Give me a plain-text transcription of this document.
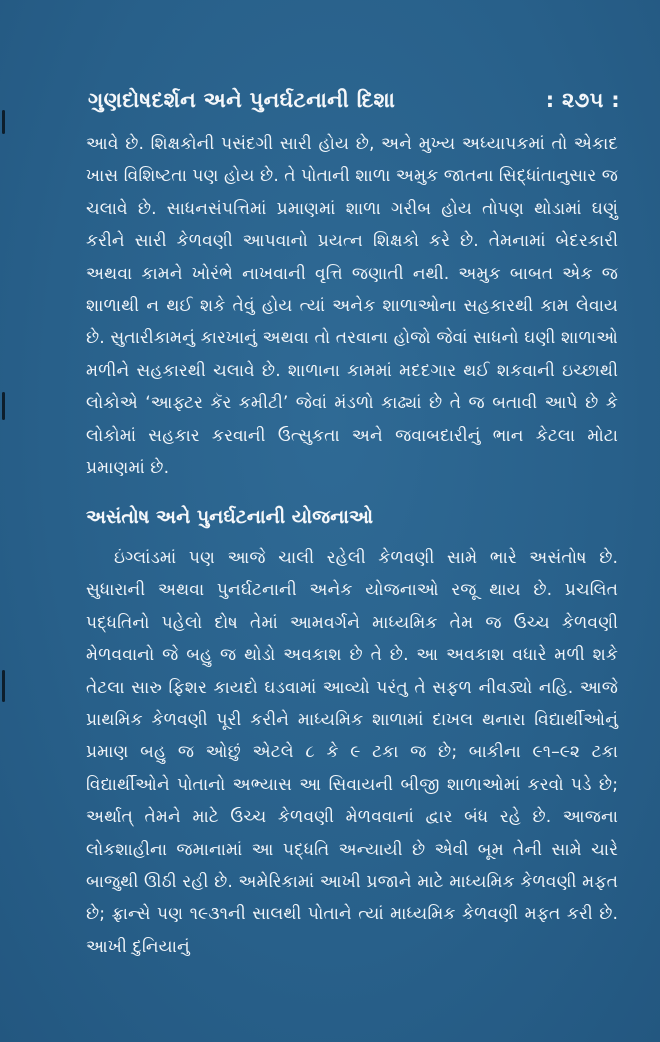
ગુણદોષદર્શન અને પુનર્ઘટનાની દિશા	: ૨૭૫ :
આવે છે. શિક્ષકોની પસંદગી સારી હોય છે, અને મુખ્ય અધ્યાપકમાં તો એકાદ ખાસ વિશિષ્ટતા પણ હોય છે. તે પોતાની શાળા અમુક જાતના સિદ્ધાંતાનુસાર જ ચલાવે છે. સાધનસંપત્તિમાં પ્રમાણમાં શાળા ગરીબ હોય તોપણ થોડામાં ઘણું કરીને સારી કેળવણી આપવાનો પ્રયત્ન શિક્ષકો કરે છે. તેમનામાં બેદરકારી અથવા કામને ખોરંભે નાખવાની વૃત્તિ જણાતી નથી. અમુક બાબત એક જ શાળાથી ન થઈ શકે તેવું હોય ત્યાં અનેક શાળાઓના સહકારથી કામ લેવાય છે. સુતારીકામનું કારખાનું અથવા તો તરવાના હોજો જેવાં સાધનો ઘણી શાળાઓ મળીને સહકારથી ચલાવે છે. શાળાના કામમાં મદદગાર થઈ શકવાની ઇચ્છાથી લોકોએ ‘આફ્ટર કૅર કમીટી’ જેવાં મંડળો કાઢ્યાં છે તે જ બતાવી આપે છે કે લોકોમાં સહકાર કરવાની ઉત્સુકતા અને જવાબદારીનું ભાન કેટલા મોટા પ્રમાણમાં છે.
અસંતોષ અને પુનર્ઘટનાની યોજનાઓ
ઇંગ્લાંડમાં પણ આજે ચાલી રહેલી કેળવણી સામે ભારે અસંતોષ છે. સુધારાની અથવા પુનર્ઘટનાની અનેક યોજનાઓ રજૂ થાય છે. પ્રચલિત પદ્ધતિનો પહેલો દોષ તેમાં આમવર્ગને માધ્યમિક તેમ જ ઉચ્ચ કેળવણી મેળવવાનો જે બહુ જ થોડો અવકાશ છે તે છે. આ અવકાશ વધારે મળી શકે તેટલા સારુ ફિશર કાયદો ઘડવામાં આવ્યો પરંતુ તે સફળ નીવડ્યો નહિ. આજે પ્રાથમિક કેળવણી પૂરી કરીને માધ્યમિક શાળામાં દાખલ થનારા વિદ્યાર્થીઓનું પ્રમાણ બહુ જ ઓછું એટલે ૮ કે ૯ ટકા જ છે; બાકીના ૯૧–૯૨ ટકા વિદ્યાર્થીઓને પોતાનો અભ્યાસ આ સિવાયની બીજી શાળાઓમાં કરવો પડે છે; અર્થાત્ તેમને માટે ઉચ્ચ કેળવણી મેળવવાનાં દ્વાર બંધ રહે છે. આજના લોકશાહીના જમાનામાં આ પદ્ધતિ અન્યાયી છે એવી બૂમ તેની સામે ચારે બાજુથી ઊઠી રહી છે. અમેરિકામાં આખી પ્રજાને માટે માધ્યમિક કેળવણી મફત છે; ફ્રાન્સે પણ ૧૯૩૧ની સાલથી પોતાને ત્યાં માધ્યમિક કેળવણી મફત કરી છે. આખી દુનિયાનું
